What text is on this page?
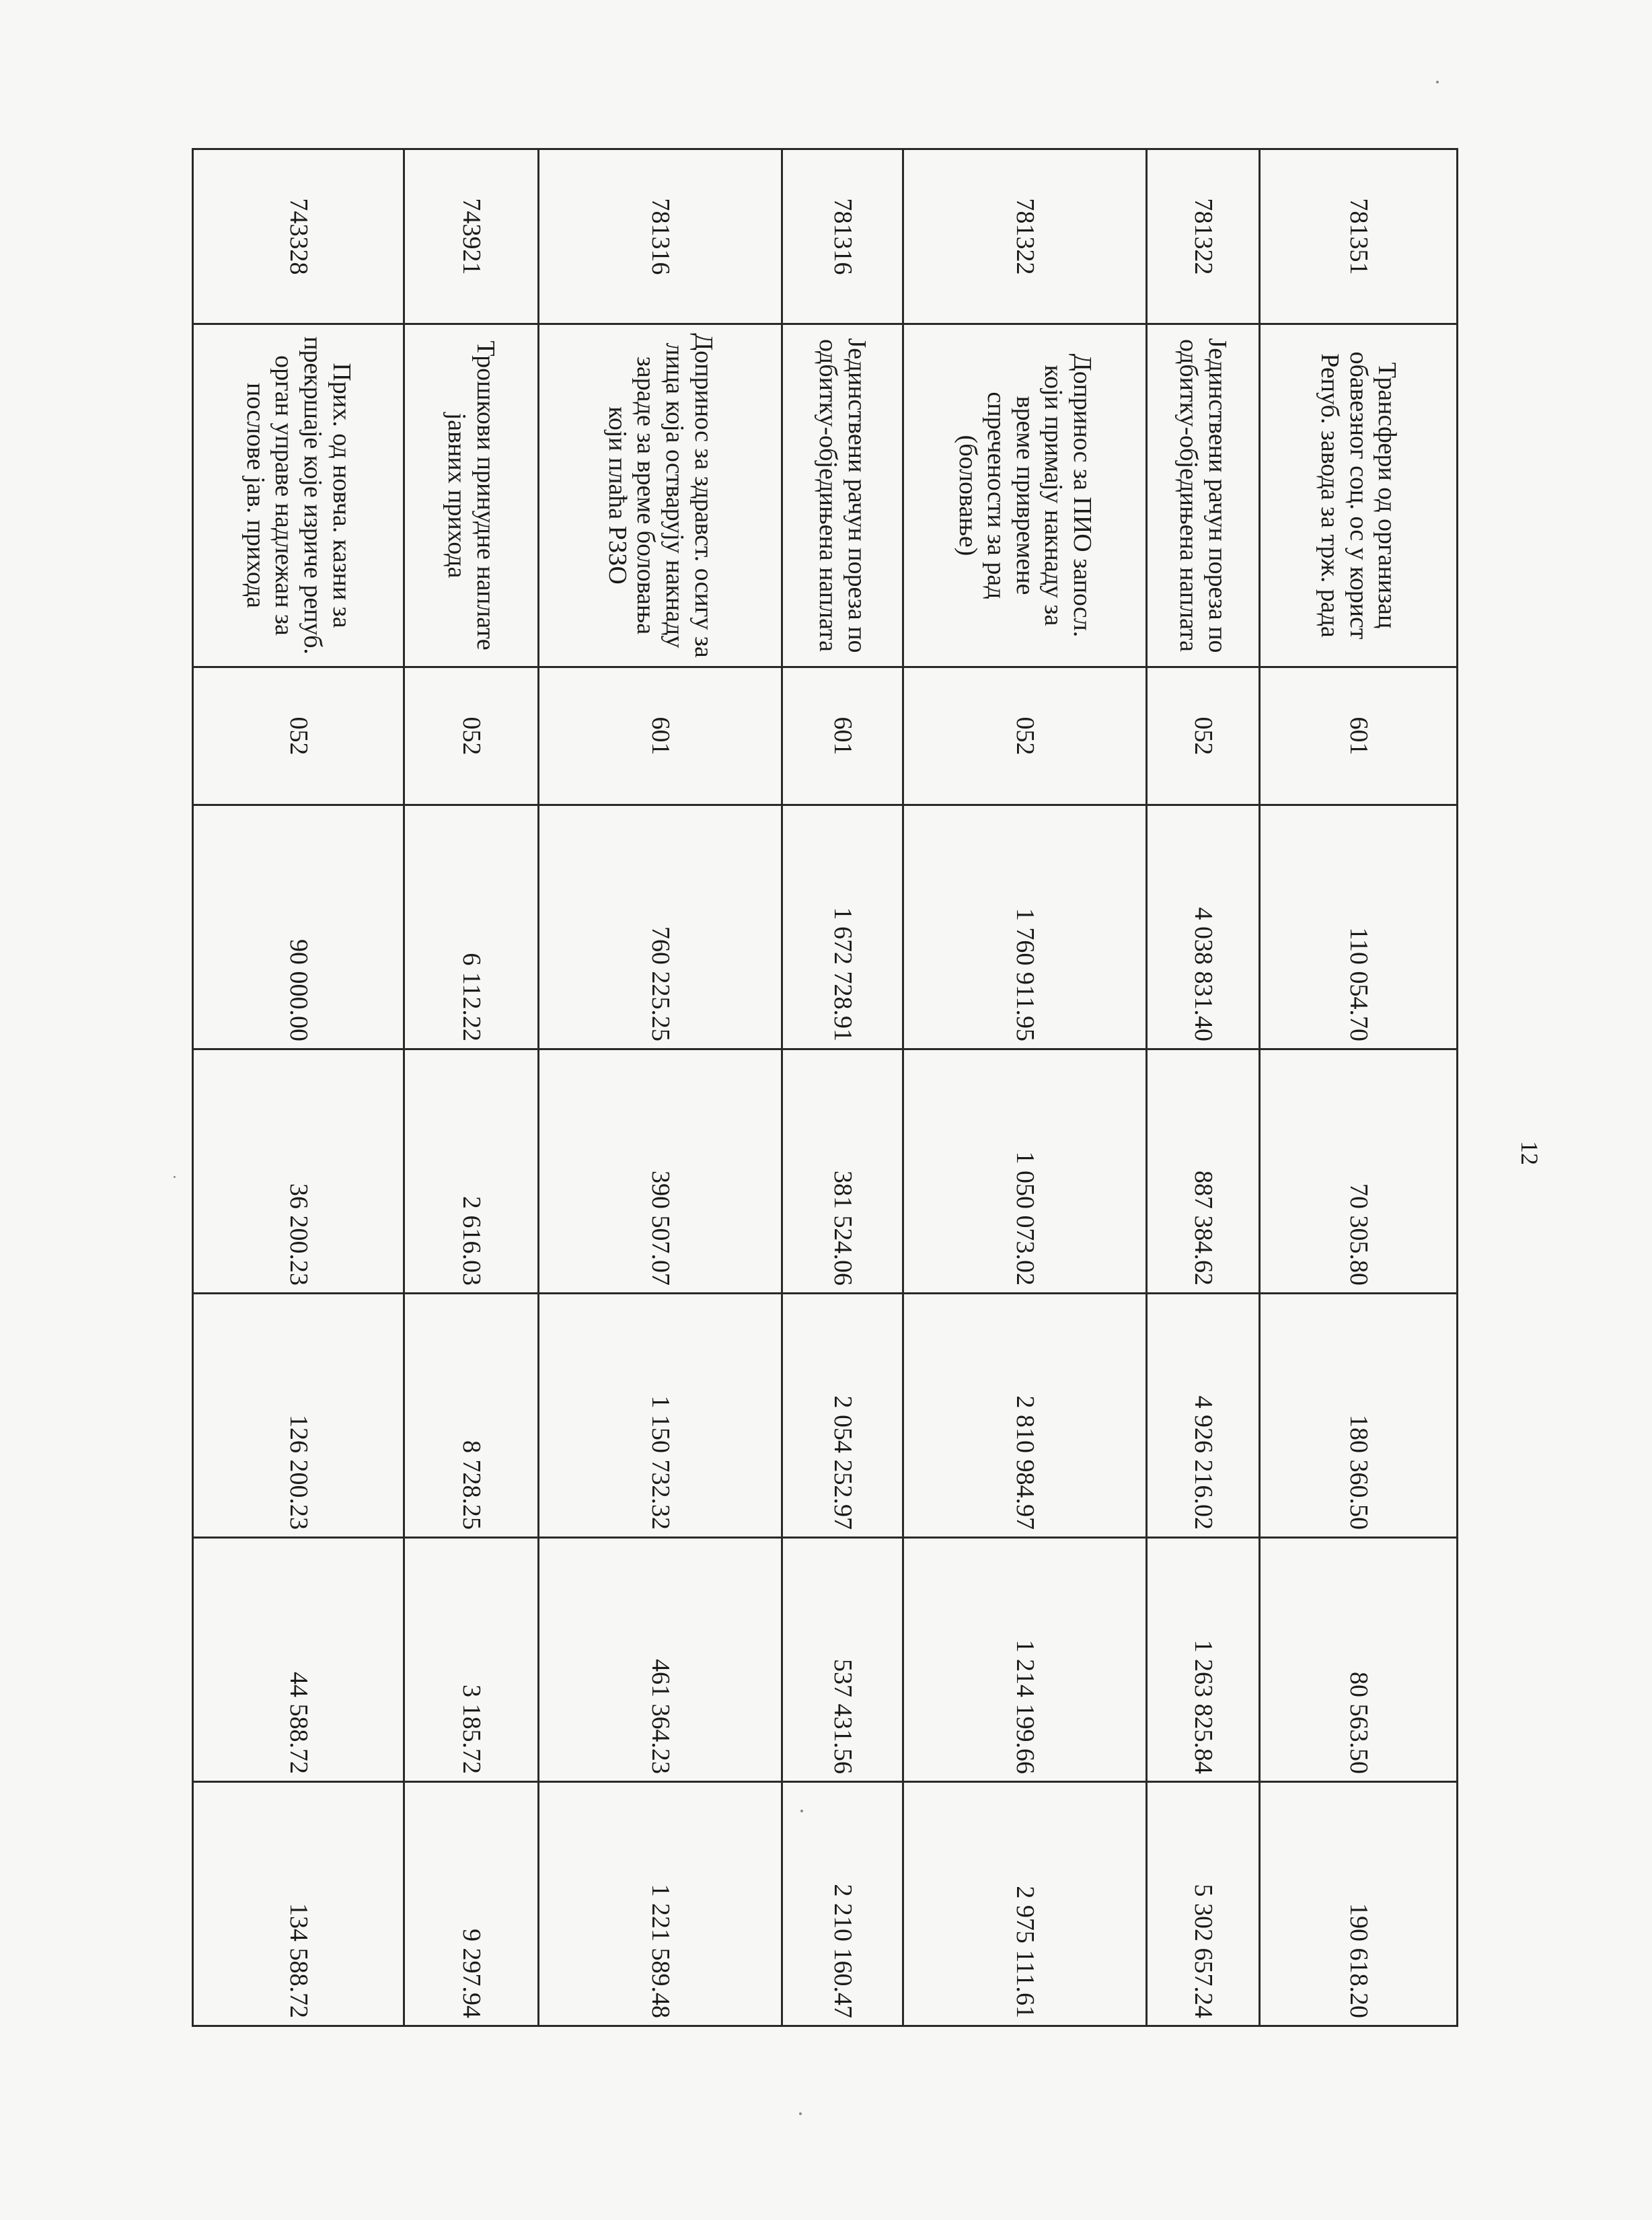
12
781351	Трансфери од организац обавезног соц. ос у корист Репуб. завода за трж. рада	601	110 054.70	70 305.80	180 360.50	80 563.50	190 618.20
781322	Јединствени рачун пореза по одбитку-обједињена наплата	052	4 038 831.40	887 384.62	4 926 216.02	1 263 825.84	5 302 657.24
781322	Допринос за ПИО запосл. који примају накнаду за време привремене спречености за рад (боловање)	052	1 760 911.95	1 050 073.02	2 810 984.97	1 214 199.66	2 975 111.61
781316	Јединствени рачун пореза по одбитку-обједињена наплата	601	1 672 728.91	381 524.06	2 054 252.97	537 431.56	2 210 160.47
781316	Допринос за здравст. осигу за лица која остварују накнаду зараде за време боловања који плаћа РЗЗО	601	760 225.25	390 507.07	1 150 732.32	461 364.23	1 221 589.48
743921	Трошкови принудне наплате јавних прихода	052	6 112.22	2 616.03	8 728.25	3 185.72	9 297.94
743328	Прих. од новча. казни за прекршаје које изриче репуб. орган управе надлежан за послове јав. прихода	052	90 000.00	36 200.23	126 200.23	44 588.72	134 588.72
